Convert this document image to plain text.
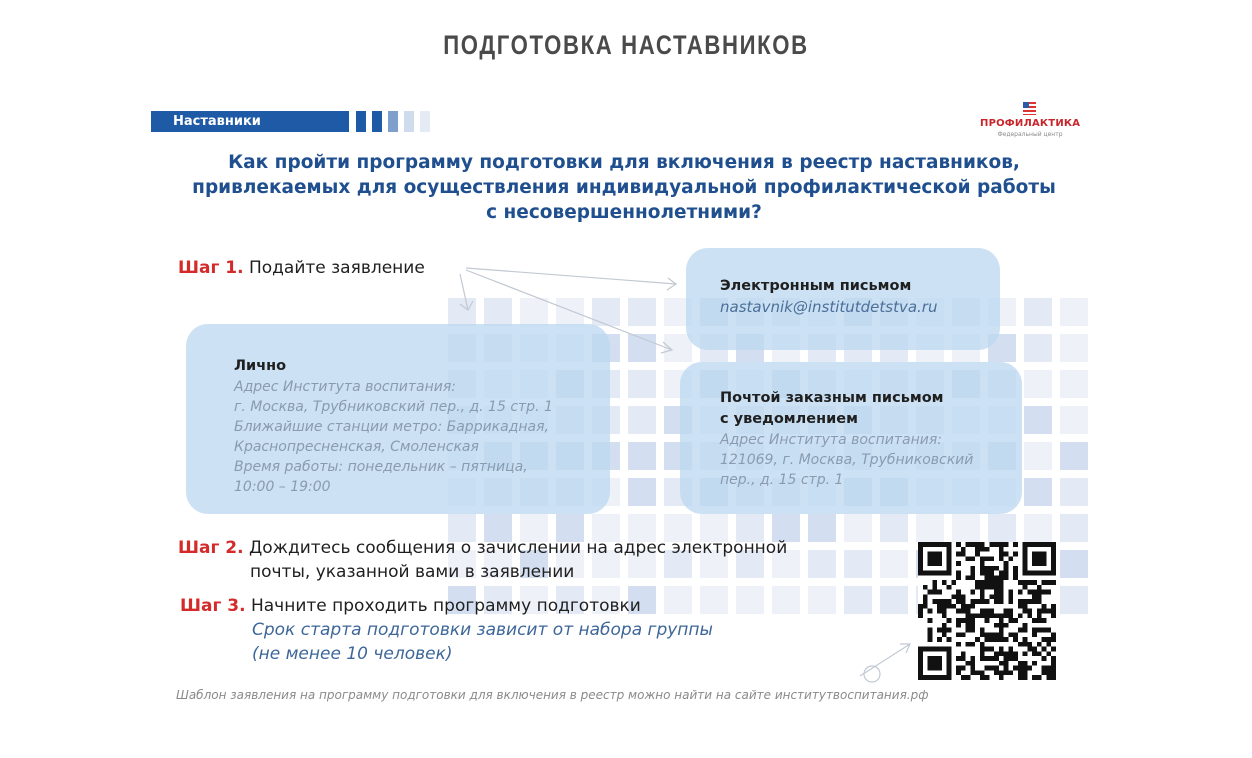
ПОДГОТОВКА НАСТАВНИКОВ
Наставники	ПРОФИЛАКТИКА
Федеральный центр
Как пройти программу подготовки для включения в реестр наставников, привлекаемых для осуществления индивидуальной профилактической работы с несовершеннолетними?
Шаг 1. Подайте заявление
Лично
Адрес Института воспитания:
г. Москва, Трубниковский пер., д. 15 стр. 1
Ближайшие станции метро: Баррикадная,
Краснопресненская, Смоленская
Время работы: понедельник – пятница,
10:00 – 19:00
Электронным письмом
nastavnik@institutdetstva.ru
Почтой заказным письмом
с уведомлением
Адрес Института воспитания:
121069, г. Москва, Трубниковский
пер., д. 15 стр. 1
Шаг 2. Дождитесь сообщения о зачислении на адрес электронной
почты, указанной вами в заявлении
Шаг 3. Начните проходить программу подготовки
Срок старта подготовки зависит от набора группы
(не менее 10 человек)
Шаблон заявления на программу подготовки для включения в реестр можно найти на сайте институтвоспитания.рф
